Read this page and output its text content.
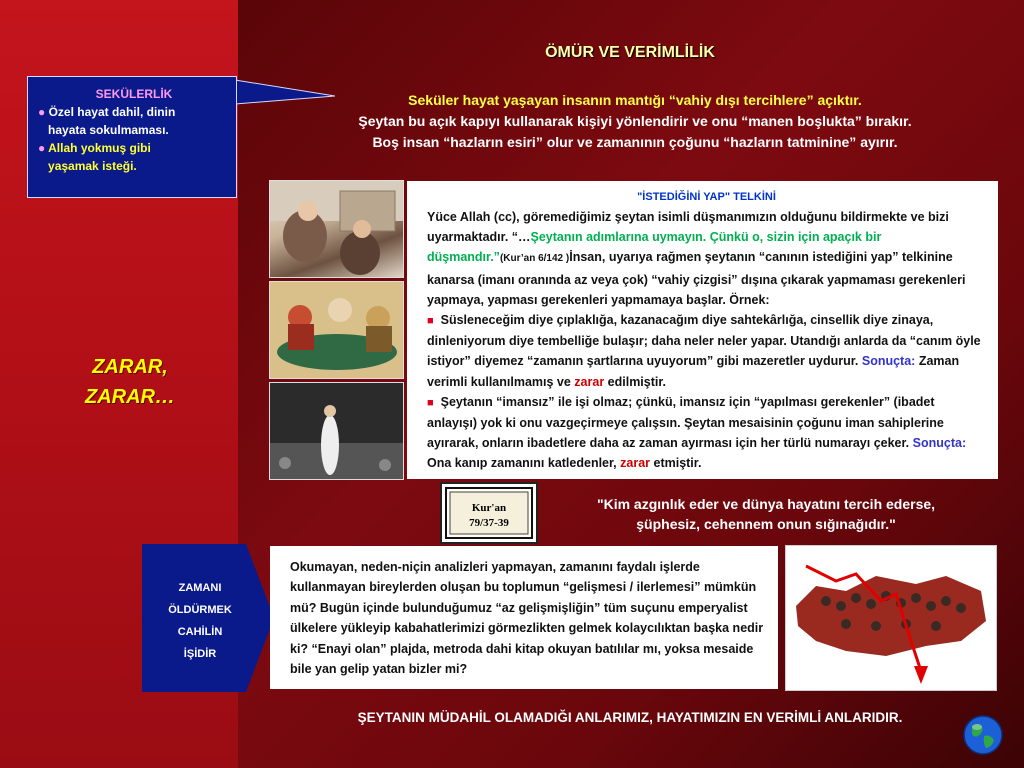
SEKÜLERLİK
● Özel hayat dahil, dinin
hayata sokulmaması.
● Allah yokmuş gibi
yaşamak isteği.
ÖMÜR VE VERİMLİLİK
Seküler hayat yaşayan insanın mantığı “vahiy dışı tercihlere” açıktır.
Şeytan bu açık kapıyı kullanarak kişiyi yönlendirir ve onu “manen boşlukta” bırakır.
Boş insan “hazların esiri” olur ve zamanının çoğunu “hazların tatminine” ayırır.
"İSTEDİĞİNİ YAP" TELKİNİ

Yüce Allah (cc), göremediğimiz şeytan isimli düşmanımızın olduğunu bildirmekte ve bizi uyarmaktadır. “…Şeytanın adımlarına uymayın. Çünkü o, sizin için apaçık bir düşmandır.”(Kur’an 6/142 )İnsan, uyarıya rağmen şeytanın “canının istediğini yap” telkinine kanarsa (imanı oranında az veya çok) “vahiy çizgisi” dışına çıkarak yapmaması gerekenleri yapmaya, yapması gerekenleri yapmamaya başlar. Örnek:

■ Süsleneceğim diye çıplaklığa, kazanacağım diye sahtekârlığa, cinsellik diye zinaya, dinleniyorum diye tembelliğe bulaşır; daha neler neler yapar. Utandığı anlarda da “canım öyle istiyor” diyemez “zamanın şartlarına uyuyorum” gibi mazeretler uydurur. Sonuçta: Zaman verimli kullanılmamış ve zarar edilmiştir.

■ Şeytanın “imansız” ile işi olmaz; çünkü, imansız için “yapılması gerekenler” (ibadet anlayışı) yok ki onu vazgeçirmeye çalışsın. Şeytan mesaisinin çoğunu iman sahiplerine ayırarak, onların ibadetlere daha az zaman ayırması için her türlü numarayı çeker. Sonuçta: Ona kanıp zamanını katledenler, zarar etmiştir.

ZARAR,
ZARAR…
Kur'an
79/37-39
"Kim azgınlık eder ve dünya hayatını tercih ederse,
şüphesiz, cehennem onun sığınağıdır."
ZAMANI
ÖLDÜRMEK
CAHİLİN
İŞİDİR
Okumayan, neden-niçin analizleri yapmayan, zamanını faydalı işlerde kullanmayan bireylerden oluşan bu toplumun “gelişmesi / ilerlemesi” mümkün mü? Bugün içinde bulunduğumuz “az gelişmişliğin” tüm suçunu emperyalist ülkelere yükleyip kabahatlerimizi görmezlikten gelmek kolaycılıktan başka nedir ki? “Enayi olan” plajda, metroda dahi kitap okuyan batılılar mı, yoksa mesaide bile yan gelip yatan bizler mi?
ŞEYTANIN MÜDAHİL OLAMADIĞI ANLARIMIZ, HAYATIMIZIN EN VERİMLİ ANLARIDIR.
